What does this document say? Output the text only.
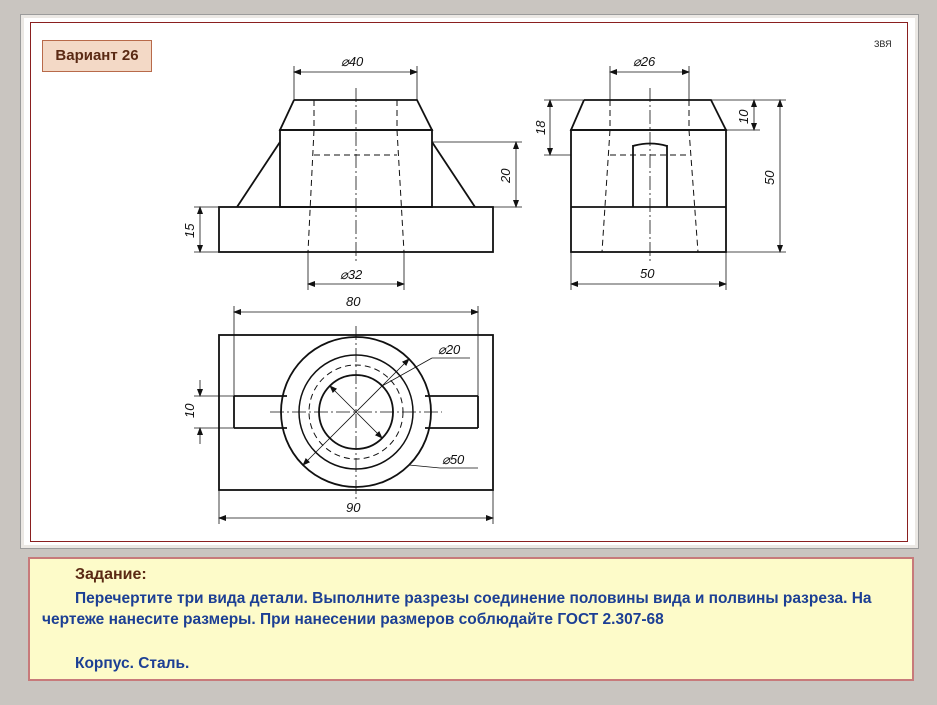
Вариант 26
ЗВЯ
⌀40
⌀32
20
15
⌀26
18
10
50
50
80
90
10
⌀20
⌀50
Задание:
Перечертите три вида детали. Выполните разрезы соединение половины вида и полвины разреза. На чертеже нанесите размеры. При нанесении размеров соблюдайте ГОСТ 2.307-68
Корпус. Сталь.
